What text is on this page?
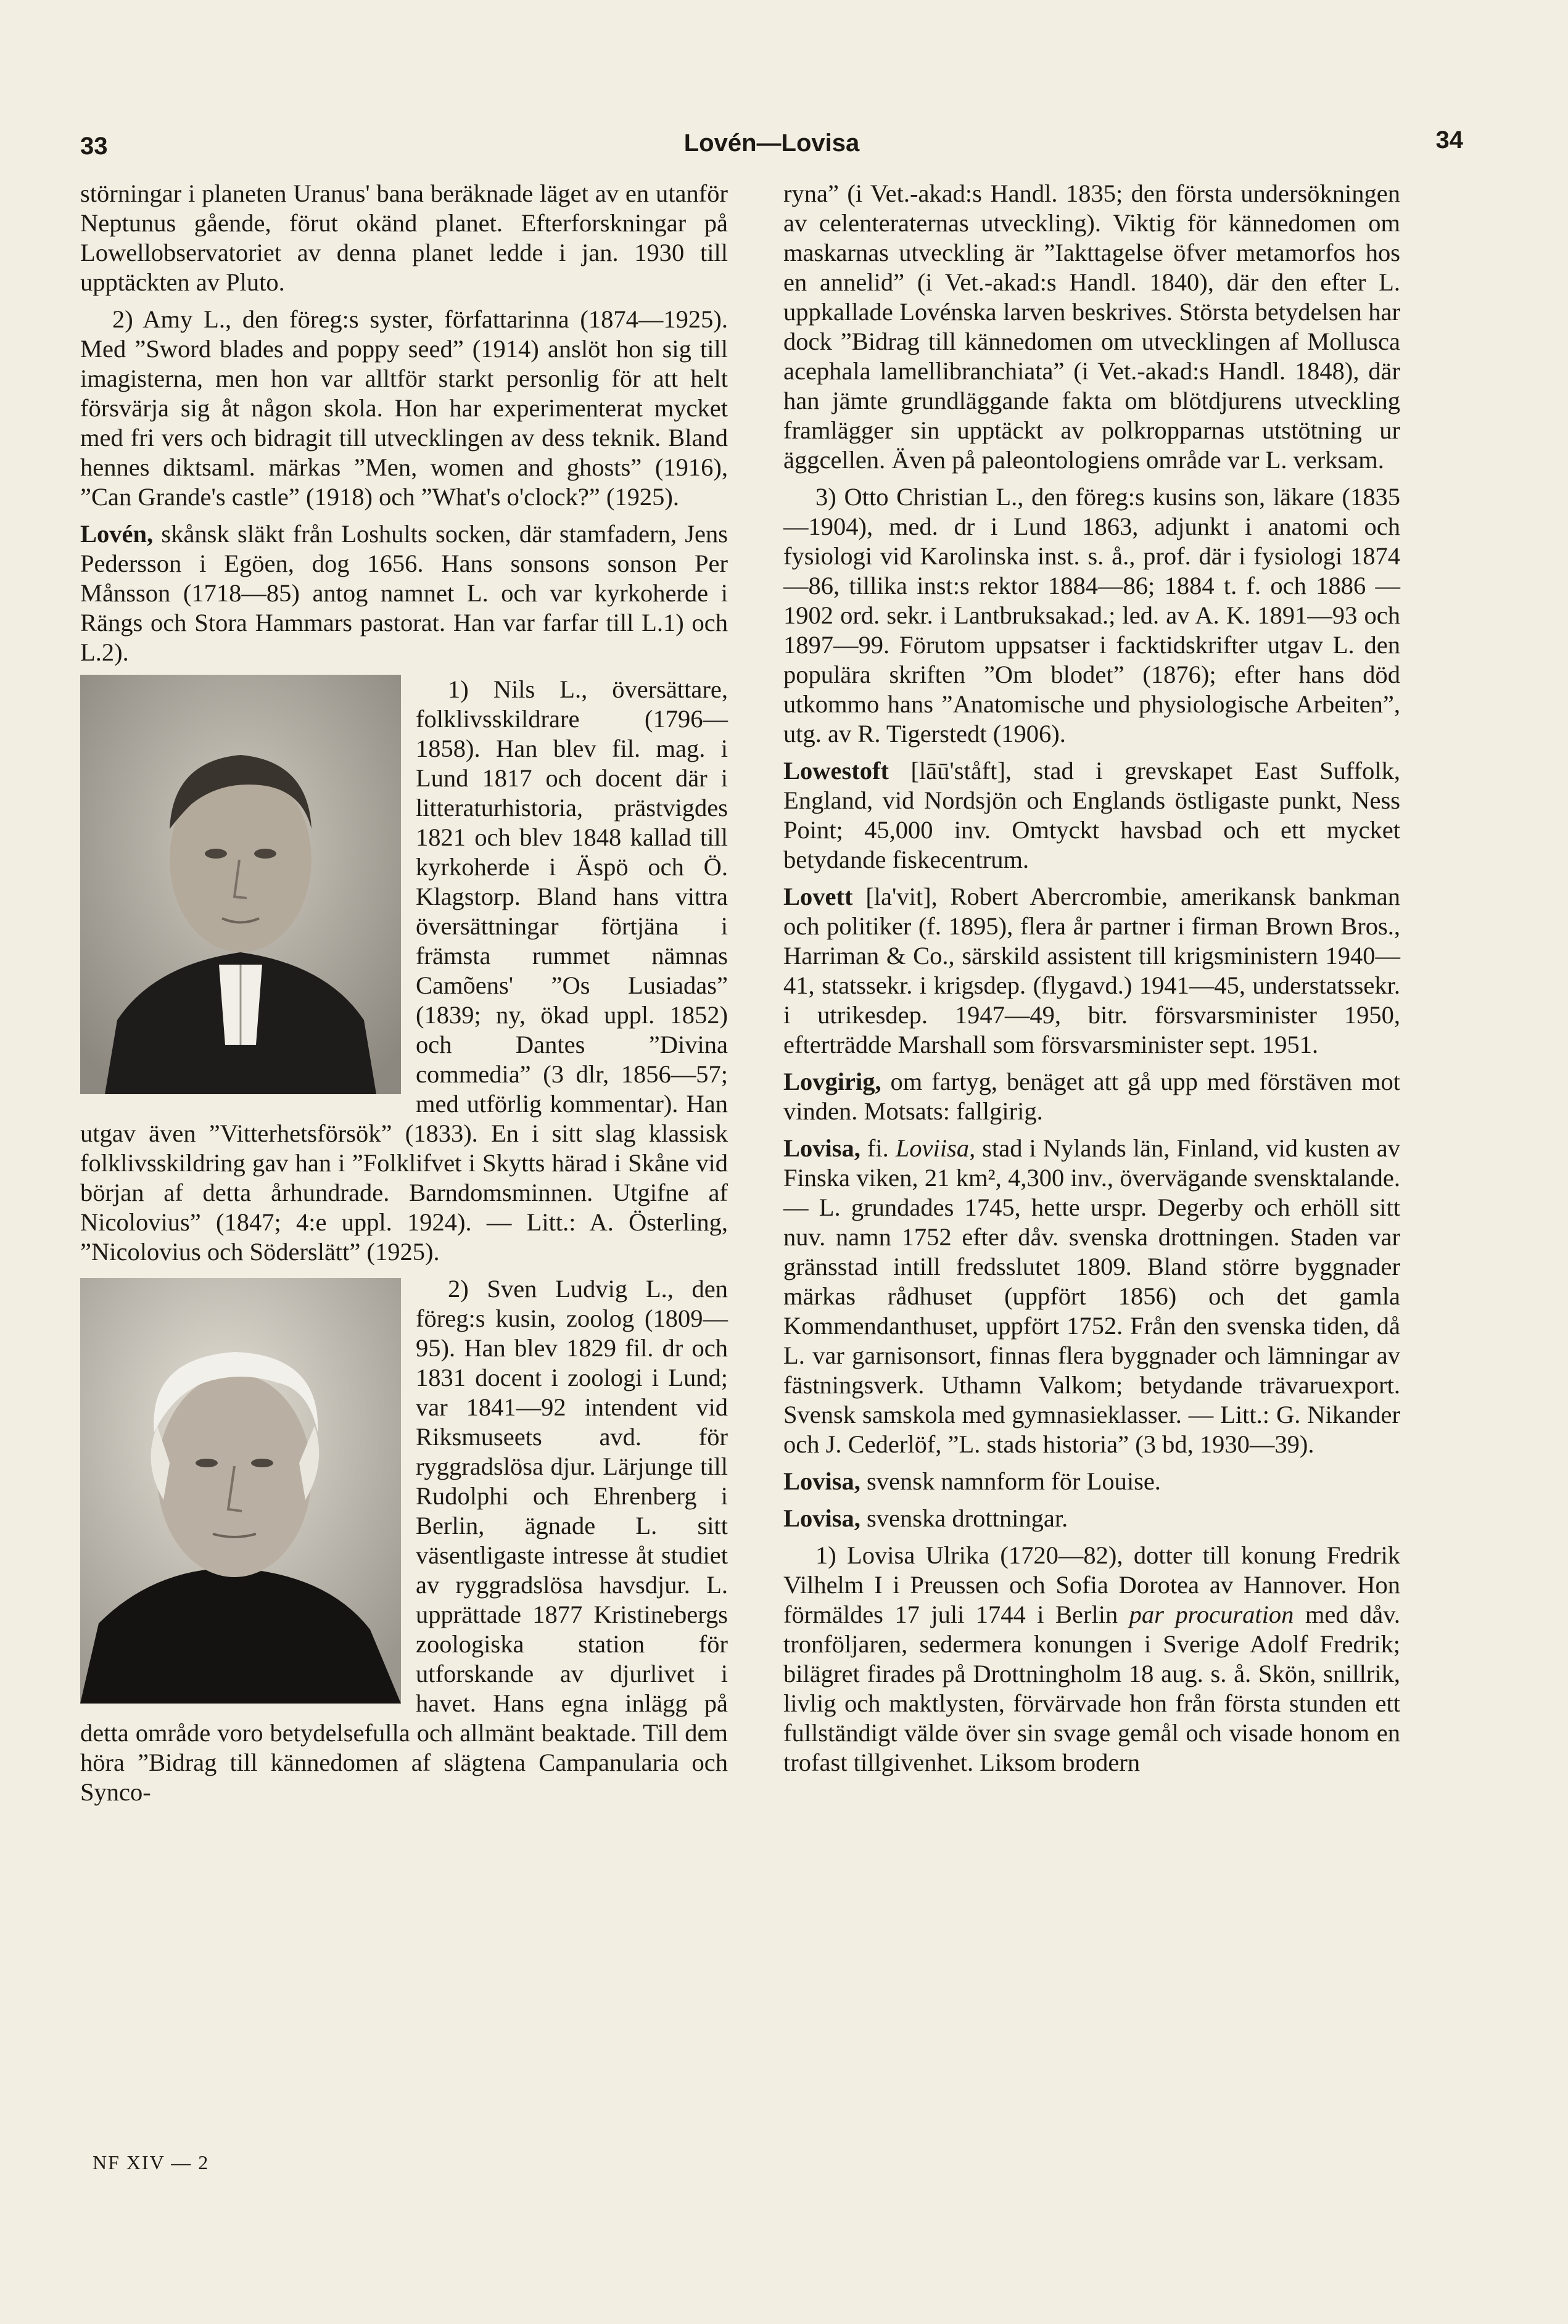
33	Lovén—Lovisa	34

störningar i planeten Uranus' bana beräknade läget av en utanför Neptunus gående, förut okänd planet. Efterforskningar på Lowellobservatoriet av denna planet ledde i jan. 1930 till upptäckten av Pluto.

2) Amy L., den föreg:s syster, författarinna (1874—1925). Med ”Sword blades and poppy seed” (1914) anslöt hon sig till imagisterna, men hon var alltför starkt personlig för att helt försvärja sig åt någon skola. Hon har experimenterat mycket med fri vers och bidragit till utvecklingen av dess teknik. Bland hennes diktsaml. märkas ”Men, women and ghosts” (1916), ”Can Grande's castle” (1918) och ”What's o'clock?” (1925).

Lovén, skånsk släkt från Loshults socken, där stamfadern, Jens Pedersson i Egöen, dog 1656. Hans sonsons sonson Per Månsson (1718—85) antog namnet L. och var kyrkoherde i Rängs och Stora Hammars pastorat. Han var farfar till L.1) och L.2).

1) Nils L., översättare, folklivsskildrare (1796—1858). Han blev fil. mag. i Lund 1817 och docent där i litteraturhistoria, prästvigdes 1821 och blev 1848 kallad till kyrkoherde i Äspö och Ö. Klagstorp. Bland hans vittra översättningar förtjäna i främsta rummet nämnas Camõens' ”Os Lusiadas” (1839; ny, ökad uppl. 1852) och Dantes ”Divina commedia” (3 dlr, 1856—57; med utförlig kommentar). Han utgav även ”Vitterhetsförsök” (1833). En i sitt slag klassisk folklivsskildring gav han i ”Folklifvet i Skytts härad i Skåne vid början af detta århundrade. Barndomsminnen. Utgifne af Nicolovius” (1847; 4:e uppl. 1924). — Litt.: A. Österling, ”Nicolovius och Söderslätt” (1925).

2) Sven Ludvig L., den föreg:s kusin, zoolog (1809—95). Han blev 1829 fil. dr och 1831 docent i zoologi i Lund; var 1841—92 intendent vid Riksmuseets avd. för ryggradslösa djur. Lärjunge till Rudolphi och Ehrenberg i Berlin, ägnade L. sitt väsentligaste intresse åt studiet av ryggradslösa havsdjur. L. upprättade 1877 Kristinebergs zoologiska station för utforskande av djurlivet i havet. Hans egna inlägg på detta område voro betydelsefulla och allmänt beaktade. Till dem höra ”Bidrag till kännedomen af slägtena Campanularia och Synco-

ryna” (i Vet.-akad:s Handl. 1835; den första undersökningen av celenteraternas utveckling). Viktig för kännedomen om maskarnas utveckling är ”Iakttagelse öfver metamorfos hos en annelid” (i Vet.-akad:s Handl. 1840), där den efter L. uppkallade Lovénska larven beskrives. Största betydelsen har dock ”Bidrag till kännedomen om utvecklingen af Mollusca acephala lamellibranchiata” (i Vet.-akad:s Handl. 1848), där han jämte grundläggande fakta om blötdjurens utveckling framlägger sin upptäckt av polkropparnas utstötning ur äggcellen. Även på paleontologiens område var L. verksam.

3) Otto Christian L., den föreg:s kusins son, läkare (1835—1904), med. dr i Lund 1863, adjunkt i anatomi och fysiologi vid Karolinska inst. s. å., prof. där i fysiologi 1874—86, tillika inst:s rektor 1884—86; 1884 t. f. och 1886 —1902 ord. sekr. i Lantbruksakad.; led. av A. K. 1891—93 och 1897—99. Förutom uppsatser i facktidskrifter utgav L. den populära skriften ”Om blodet” (1876); efter hans död utkommo hans ”Anatomische und physiologische Arbeiten”, utg. av R. Tigerstedt (1906).

Lowestoft [lāū'ståft], stad i grevskapet East Suffolk, England, vid Nordsjön och Englands östligaste punkt, Ness Point; 45,000 inv. Omtyckt havsbad och ett mycket betydande fiskecentrum.

Lovett [la'vit], Robert Abercrombie, amerikansk bankman och politiker (f. 1895), flera år partner i firman Brown Bros., Harriman & Co., särskild assistent till krigsministern 1940—41, statssekr. i krigsdep. (flygavd.) 1941—45, understatssekr. i utrikesdep. 1947—49, bitr. försvarsminister 1950, efterträdde Marshall som försvarsminister sept. 1951.

Lovgirig, om fartyg, benäget att gå upp med förstäven mot vinden. Motsats: fallgirig.

Lovisa, fi. Loviisa, stad i Nylands län, Finland, vid kusten av Finska viken, 21 km², 4,300 inv., övervägande svensktalande. — L. grundades 1745, hette urspr. Degerby och erhöll sitt nuv. namn 1752 efter dåv. svenska drottningen. Staden var gränsstad intill fredsslutet 1809. Bland större byggnader märkas rådhuset (uppfört 1856) och det gamla Kommendanthuset, uppfört 1752. Från den svenska tiden, då L. var garnisonsort, finnas flera byggnader och lämningar av fästningsverk. Uthamn Valkom; betydande trävaruexport. Svensk samskola med gymnasieklasser. — Litt.: G. Nikander och J. Cederlöf, ”L. stads historia” (3 bd, 1930—39).

Lovisa, svensk namnform för Louise.

Lovisa, svenska drottningar.

1) Lovisa Ulrika (1720—82), dotter till konung Fredrik Vilhelm I i Preussen och Sofia Dorotea av Hannover. Hon förmäldes 17 juli 1744 i Berlin par procuration med dåv. tronföljaren, sedermera konungen i Sverige Adolf Fredrik; bilägret firades på Drottningholm 18 aug. s. å. Skön, snillrik, livlig och maktlysten, förvärvade hon från första stunden ett fullständigt välde över sin svage gemål och visade honom en trofast tillgivenhet. Liksom brodern

NF XIV — 2
